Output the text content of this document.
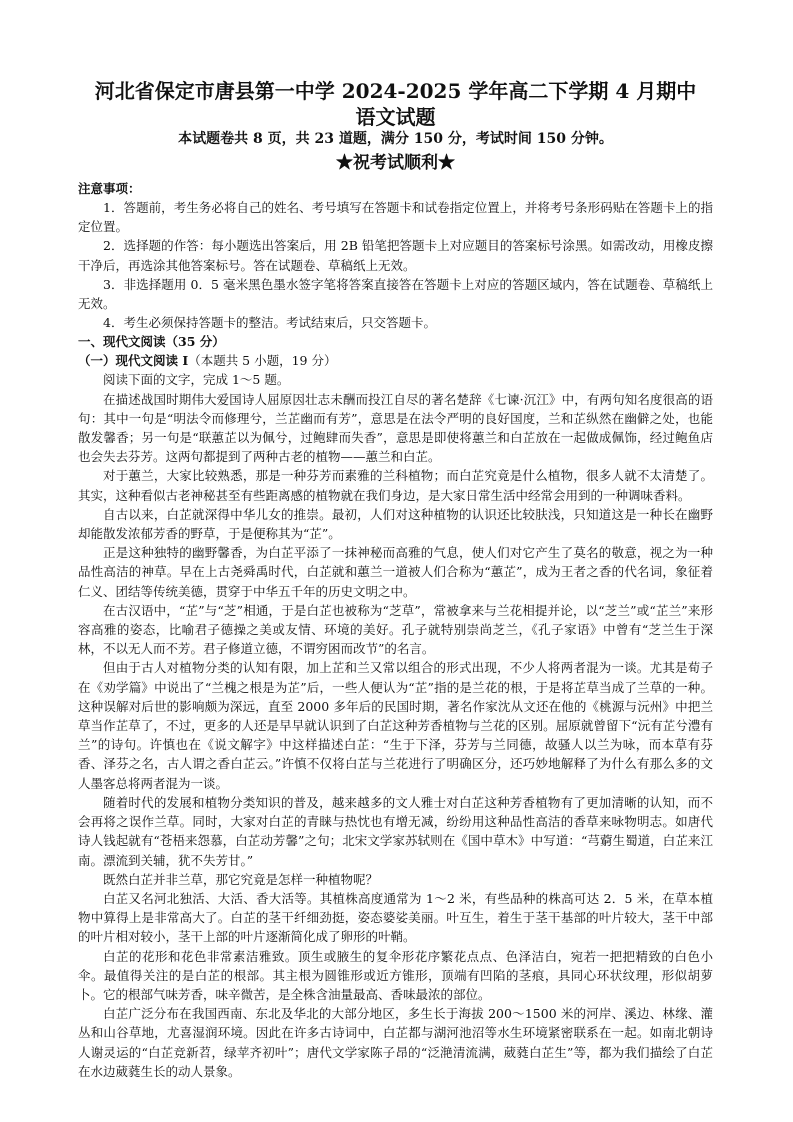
河北省保定市唐县第一中学 2024-2025 学年高二下学期 4 月期中

语文试题

本试题卷共 8 页，共 23 道题，满分 150 分，考试时间 150 分钟。

★祝考试顺利★

注意事项：

1．答题前，考生务必将自己的姓名、考号填写在答题卡和试卷指定位置上，并将考号条形码贴在答题卡上的指定位置。

2．选择题的作答：每小题选出答案后，用 2B 铅笔把答题卡上对应题目的答案标号涂黑。如需改动，用橡皮擦干净后，再选涂其他答案标号。答在试题卷、草稿纸上无效。

3．非选择题用 0．5 毫米黑色墨水签字笔将答案直接答在答题卡上对应的答题区域内，答在试题卷、草稿纸上无效。

4．考生必须保持答题卡的整洁。考试结束后，只交答题卡。

一、现代文阅读（35 分）

（一）现代文阅读 I（本题共 5 小题，19 分）

阅读下面的文字，完成 1～5 题。

在描述战国时期伟大爱国诗人屈原因壮志未酬而投江自尽的著名楚辞《七谏·沉江》中，有两句知名度很高的语句：其中一句是“明法令而修理兮，兰芷幽而有芳”，意思是在法令严明的良好国度，兰和芷纵然在幽僻之处，也能散发馨香；另一句是“联蕙芷以为佩兮，过鲍肆而失香”，意思是即使将蕙兰和白芷放在一起做成佩饰，经过鲍鱼店也会失去芬芳。这两句都提到了两种古老的植物——蕙兰和白芷。

对于蕙兰，大家比较熟悉，那是一种芬芳而素雅的兰科植物；而白芷究竟是什么植物，很多人就不太清楚了。其实，这种看似古老神秘甚至有些距离感的植物就在我们身边，是大家日常生活中经常会用到的一种调味香料。

自古以来，白芷就深得中华儿女的推崇。最初，人们对这种植物的认识还比较肤浅，只知道这是一种长在幽野却能散发浓郁芳香的野草，于是便称其为“芷”。

正是这种独特的幽野馨香，为白芷平添了一抹神秘而高雅的气息，使人们对它产生了莫名的敬意，视之为一种品性高洁的神草。早在上古尧舜禹时代，白芷就和蕙兰一道被人们合称为“蕙芷”，成为王者之香的代名词，象征着仁义、团结等传统美德，贯穿于中华五千年的历史文明之中。

在古汉语中，“芷”与“芝”相通，于是白芷也被称为“芝草”，常被拿来与兰花相提并论，以“芝兰”或“芷兰”来形容高雅的姿态，比喻君子德操之美或友情、环境的美好。孔子就特别崇尚芝兰，《孔子家语》中曾有“芝兰生于深林，不以无人而不芳。君子修道立德，不谓穷困而改节”的名言。

但由于古人对植物分类的认知有限，加上芷和兰又常以组合的形式出现，不少人将两者混为一谈。尤其是荀子在《劝学篇》中说出了“兰槐之根是为芷”后，一些人便认为“芷”指的是兰花的根，于是将芷草当成了兰草的一种。这种误解对后世的影响颇为深远，直至 2000 多年后的民国时期，著名作家沈从文还在他的《桃源与沅州》中把兰草当作芷草了，不过，更多的人还是早早就认识到了白芷这种芳香植物与兰花的区别。屈原就曾留下“沅有芷兮澧有兰”的诗句。许慎也在《说文解字》中这样描述白芷：“生于下泽，芬芳与兰同德，故骚人以兰为咏，而本草有芬香、泽芬之名，古人谓之香白芷云。”许慎不仅将白芷与兰花进行了明确区分，还巧妙地解释了为什么有那么多的文人墨客总将两者混为一谈。

随着时代的发展和植物分类知识的普及，越来越多的文人雅士对白芷这种芳香植物有了更加清晰的认知，而不会再将之误作兰草。同时，大家对白芷的青睐与热忱也有增无减，纷纷用这种品性高洁的香草来咏物明志。如唐代诗人钱起就有“苍梧来怨慕，白芷动芳馨”之句；北宋文学家苏轼则在《国中草木》中写道：“芎藭生蜀道，白芷来江南。漂流到关辅，犹不失芳甘。”

既然白芷并非兰草，那它究竟是怎样一种植物呢？

白芷又名河北独活、大活、香大活等。其植株高度通常为 1～2 米，有些品种的株高可达 2．5 米，在草本植物中算得上是非常高大了。白芷的茎干纤细劲挺，姿态婆娑美丽。叶互生，着生于茎干基部的叶片较大，茎干中部的叶片相对较小，茎干上部的叶片逐渐简化成了卵形的叶鞘。

白芷的花形和花色非常素洁雅致。顶生或腋生的复伞形花序繁花点点、色泽洁白，宛若一把把精致的白色小伞。最值得关注的是白芷的根部。其主根为圆锥形或近方锥形，顶端有凹陷的茎痕，具同心环状纹理，形似胡萝卜。它的根部气味芳香，味辛微苦，是全株含油量最高、香味最浓的部位。

白芷广泛分布在我国西南、东北及华北的大部分地区，多生长于海拔 200～1500 米的河岸、溪边、林缘、灌丛和山谷草地，尤喜湿润环境。因此在许多古诗词中，白芷都与湖河池沼等水生环境紧密联系在一起。如南北朝诗人谢灵运的“白芷竞新苕，绿苹齐初叶”；唐代文学家陈子昂的“泛滟清流满，葳蕤白芷生”等，都为我们描绘了白芷在水边葳蕤生长的动人景象。
